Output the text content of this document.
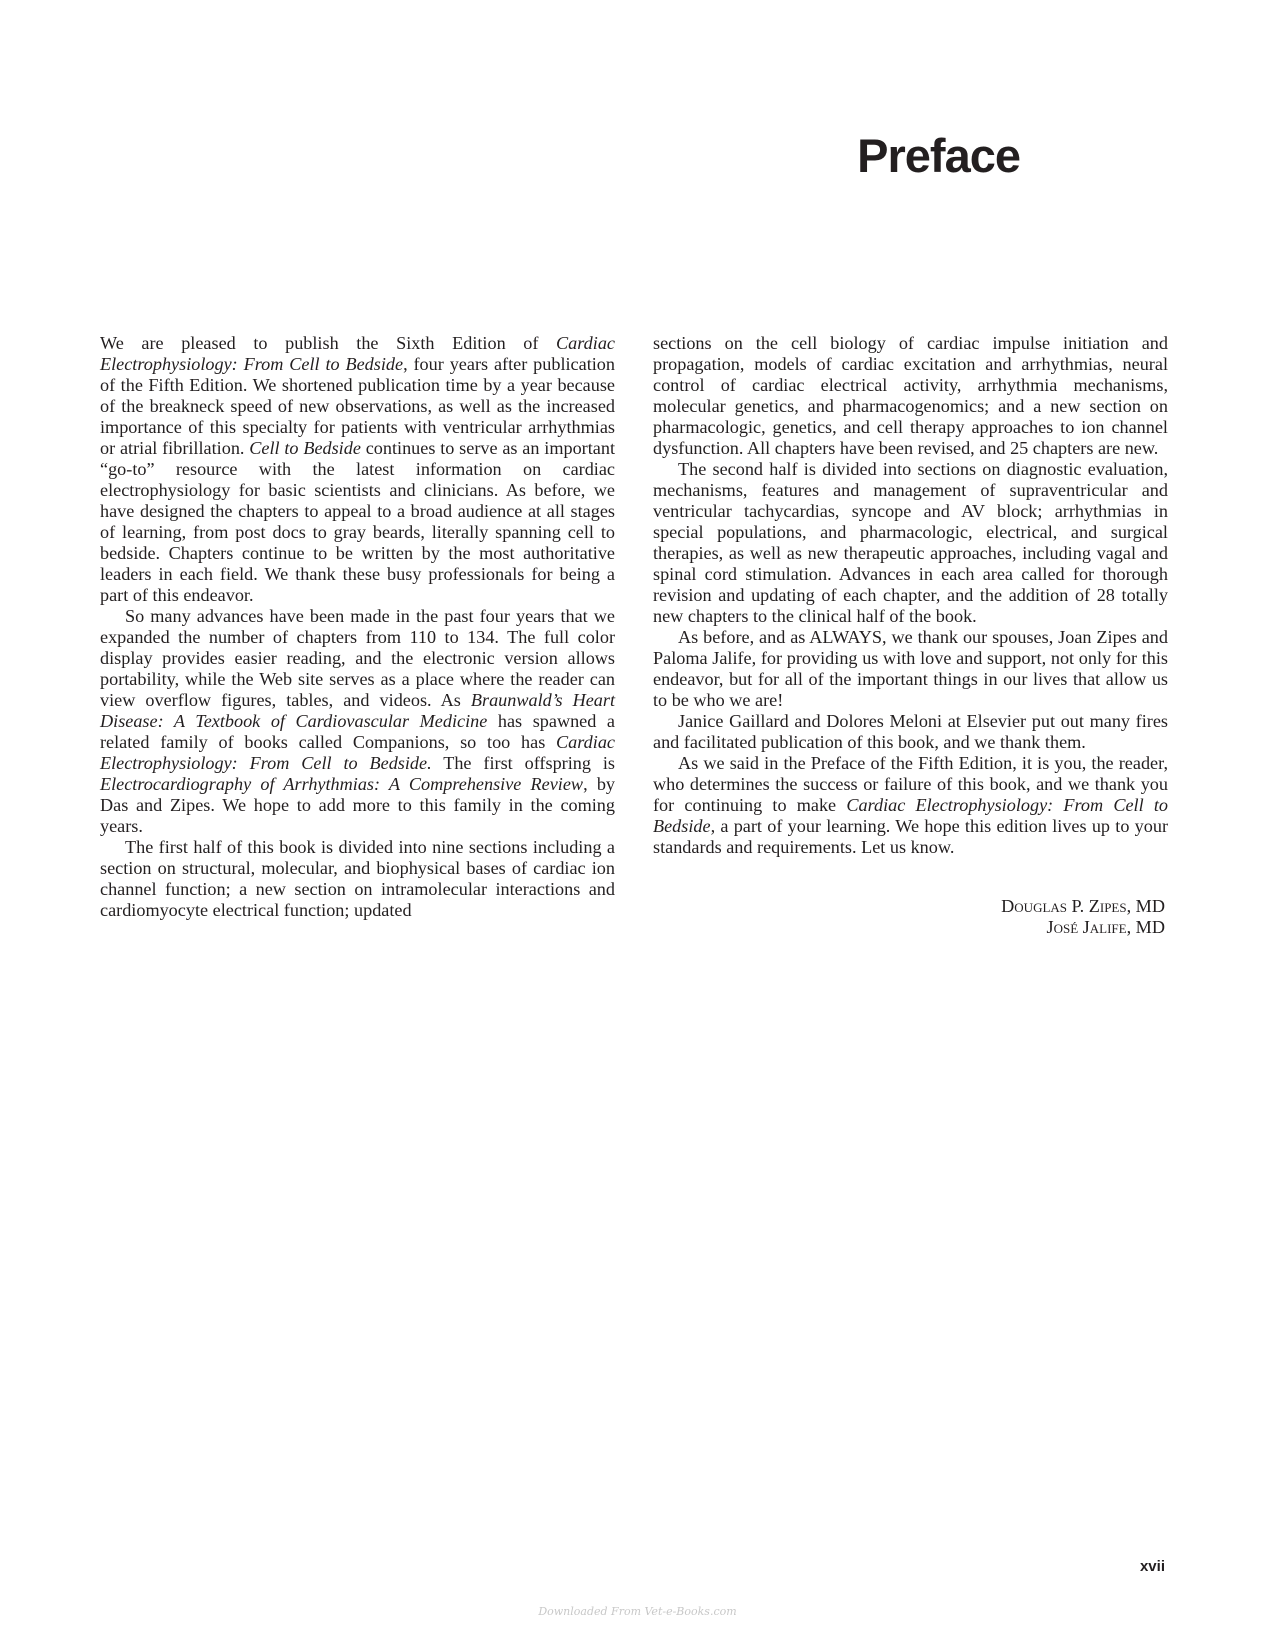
Preface

We are pleased to publish the Sixth Edition of Cardiac Electrophysiology: From Cell to Bedside, four years after publication of the Fifth Edition. We shortened publication time by a year because of the breakneck speed of new observations, as well as the increased importance of this specialty for patients with ventricular arrhythmias or atrial fibrillation. Cell to Bedside continues to serve as an important “go-to” resource with the latest information on cardiac electrophysiology for basic scientists and clinicians. As before, we have designed the chapters to appeal to a broad audience at all stages of learning, from post docs to gray beards, literally spanning cell to bedside. Chapters continue to be written by the most authoritative leaders in each field. We thank these busy professionals for being a part of this endeavor.

So many advances have been made in the past four years that we expanded the number of chapters from 110 to 134. The full color display provides easier reading, and the electronic version allows portability, while the Web site serves as a place where the reader can view overflow figures, tables, and videos. As Braunwald’s Heart Disease: A Textbook of Cardiovascular Medicine has spawned a related family of books called Companions, so too has Cardiac Electrophysiology: From Cell to Bedside. The first offspring is Electrocardiography of Arrhythmias: A Comprehensive Review, by Das and Zipes. We hope to add more to this family in the coming years.

The first half of this book is divided into nine sections including a section on structural, molecular, and biophysical bases of cardiac ion channel function; a new section on intramolecular interactions and cardiomyocyte electrical function; updated

sections on the cell biology of cardiac impulse initiation and propagation, models of cardiac excitation and arrhythmias, neural control of cardiac electrical activity, arrhythmia mechanisms, molecular genetics, and pharmacogenomics; and a new section on pharmacologic, genetics, and cell therapy approaches to ion channel dysfunction. All chapters have been revised, and 25 chapters are new.

The second half is divided into sections on diagnostic evaluation, mechanisms, features and management of supraventricular and ventricular tachycardias, syncope and AV block; arrhythmias in special populations, and pharmacologic, electrical, and surgical therapies, as well as new therapeutic approaches, including vagal and spinal cord stimulation. Advances in each area called for thorough revision and updating of each chapter, and the addition of 28 totally new chapters to the clinical half of the book.

As before, and as ALWAYS, we thank our spouses, Joan Zipes and Paloma Jalife, for providing us with love and support, not only for this endeavor, but for all of the important things in our lives that allow us to be who we are!

Janice Gaillard and Dolores Meloni at Elsevier put out many fires and facilitated publication of this book, and we thank them.

As we said in the Preface of the Fifth Edition, it is you, the reader, who determines the success or failure of this book, and we thank you for continuing to make Cardiac Electrophysiology: From Cell to Bedside, a part of your learning. We hope this edition lives up to your standards and requirements. Let us know.

Douglas P. Zipes, MD
José Jalife, MD
xvii
Downloaded From Vet-e-Books.com
